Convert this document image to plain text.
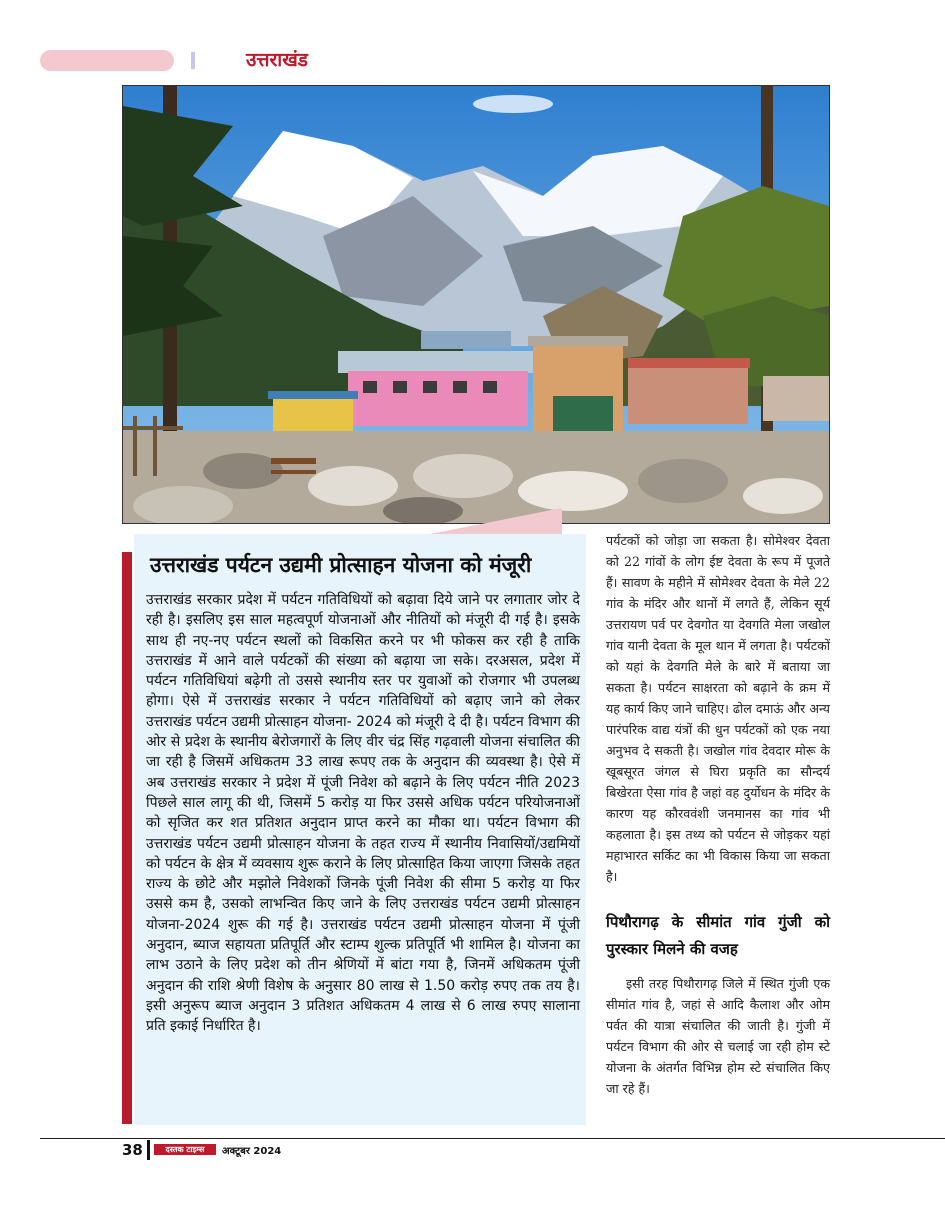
उत्तराखंड
उत्तराखंड पर्यटन उद्यमी प्रोत्साहन योजना को मंजूरी
उत्तराखंड सरकार प्रदेश में पर्यटन गतिविधियों को बढ़ावा दिये जाने पर लगातार जोर दे रही है। इसलिए इस साल महत्वपूर्ण योजनाओं और नीतियों को मंजूरी दी गई है। इसके साथ ही नए-नए पर्यटन स्थलों को विकसित करने पर भी फोकस कर रही है ताकि उत्तराखंड में आने वाले पर्यटकों की संख्या को बढ़ाया जा सके। दरअसल, प्रदेश में पर्यटन गतिविधियां बढ़ेगी तो उससे स्थानीय स्तर पर युवाओं को रोजगार भी उपलब्ध होगा। ऐसे में उत्तराखंड सरकार ने पर्यटन गतिविधियों को बढ़ाए जाने को लेकर उत्तराखंड पर्यटन उद्यमी प्रोत्साहन योजना- 2024 को मंजूरी दे दी है। पर्यटन विभाग की ओर से प्रदेश के स्थानीय बेरोजगारों के लिए वीर चंद्र सिंह गढ़वाली योजना संचालित की जा रही है जिसमें अधिकतम 33 लाख रूपए तक के अनुदान की व्यवस्था है। ऐसे में अब उत्तराखंड सरकार ने प्रदेश में पूंजी निवेश को बढ़ाने के लिए पर्यटन नीति 2023 पिछले साल लागू की थी, जिसमें 5 करोड़ या फिर उससे अधिक पर्यटन परियोजनाओं को सृजित कर शत प्रतिशत अनुदान प्राप्त करने का मौका था। पर्यटन विभाग की उत्तराखंड पर्यटन उद्यमी प्रोत्साहन योजना के तहत राज्य में स्थानीय निवासियों/उद्यमियों को पर्यटन के क्षेत्र में व्यवसाय शुरू कराने के लिए प्रोत्साहित किया जाएगा जिसके तहत राज्य के छोटे और मझोले निवेशकों जिनके पूंजी निवेश की सीमा 5 करोड़ या फिर उससे कम है, उसको लाभन्वित किए जाने के लिए उत्तराखंड पर्यटन उद्यमी प्रोत्साहन योजना-2024 शुरू की गई है। उत्तराखंड पर्यटन उद्यमी प्रोत्साहन योजना में पूंजी अनुदान, ब्याज सहायता प्रतिपूर्ति और स्टाम्प शुल्क प्रतिपूर्ति भी शामिल है। योजना का लाभ उठाने के लिए प्रदेश को तीन श्रेणियों में बांटा गया है, जिनमें अधिकतम पूंजी अनुदान की राशि श्रेणी विशेष के अनुसार 80 लाख से 1.50 करोड़ रुपए तक तय है। इसी अनुरूप ब्याज अनुदान 3 प्रतिशत अधिकतम 4 लाख से 6 लाख रुपए सालाना प्रति इकाई निर्धारित है।

पर्यटकों को जोड़ा जा सकता है। सोमेश्वर देवता को 22 गांवों के लोग ईष्ट देवता के रूप में पूजते हैं। सावण के महीने में सोमेश्वर देवता के मेले 22 गांव के मंदिर और थानों में लगते हैं, लेकिन सूर्य उत्तरायण पर्व पर देवगोत या देवगति मेला जखोल गांव यानी देवता के मूल थान में लगता है। पर्यटकों को यहां के देवगति मेले के बारे में बताया जा सकता है। पर्यटन साक्षरता को बढ़ाने के क्रम में यह कार्य किए जाने चाहिए। ढोल दमाऊं और अन्य पारंपरिक वाद्य यंत्रों की धुन पर्यटकों को एक नया अनुभव दे सकती है। जखोल गांव देवदार मोरू के खूबसूरत जंगल से घिरा प्रकृति का सौन्दर्य बिखेरता ऐसा गांव है जहां वह दुर्योधन के मंदिर के कारण यह कौरववंशी जनमानस का गांव भी कहलाता है। इस तथ्य को पर्यटन से जोड़कर यहां महाभारत सर्किट का भी विकास किया जा सकता है।

पिथौरागढ़ के सीमांत गांव गुंजी को पुरस्कार मिलने की वजह

इसी तरह पिथौरागढ़ जिले में स्थित गुंजी एक सीमांत गांव है, जहां से आदि कैलाश और ओम पर्वत की यात्रा संचालित की जाती है। गुंजी में पर्यटन विभाग की ओर से चलाई जा रही होम स्टे योजना के अंतर्गत विभिन्न होम स्टे संचालित किए जा रहे हैं।

38	दस्तक टाइम्स	अक्टूबर 2024
